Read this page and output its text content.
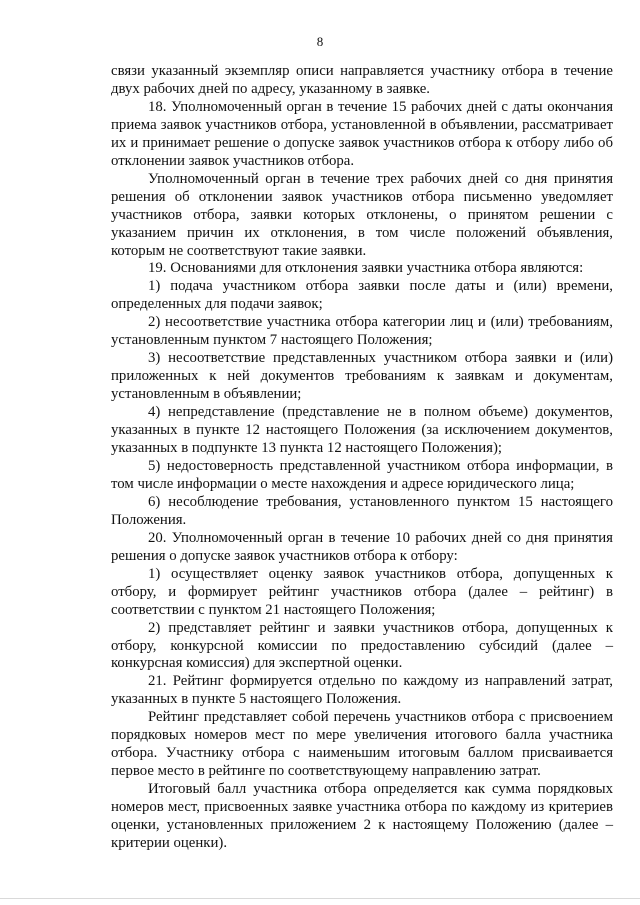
8

связи указанный экземпляр описи направляется участнику отбора в течение двух рабочих дней по адресу, указанному в заявке.

18. Уполномоченный орган в течение 15 рабочих дней с даты окончания приема заявок участников отбора, установленной в объявлении, рассматривает их и принимает решение о допуске заявок участников отбора к отбору либо об отклонении заявок участников отбора.

Уполномоченный орган в течение трех рабочих дней со дня принятия решения об отклонении заявок участников отбора письменно уведомляет участников отбора, заявки которых отклонены, о принятом решении с указанием причин их отклонения, в том числе положений объявления, которым не соответствуют такие заявки.

19. Основаниями для отклонения заявки участника отбора являются:

1) подача участником отбора заявки после даты и (или) времени, определенных для подачи заявок;

2) несоответствие участника отбора категории лиц и (или) требованиям, установленным пунктом 7 настоящего Положения;

3) несоответствие представленных участником отбора заявки и (или) приложенных к ней документов требованиям к заявкам и документам, установленным в объявлении;

4) непредставление (представление не в полном объеме) документов, указанных в пункте 12 настоящего Положения (за исключением документов, указанных в подпункте 13 пункта 12 настоящего Положения);

5) недостоверность представленной участником отбора информации, в том числе информации о месте нахождения и адресе юридического лица;

6) несоблюдение требования, установленного пунктом 15 настоящего Положения.

20. Уполномоченный орган в течение 10 рабочих дней со дня принятия решения о допуске заявок участников отбора к отбору:

1) осуществляет оценку заявок участников отбора, допущенных к отбору, и формирует рейтинг участников отбора (далее – рейтинг) в соответствии с пунктом 21 настоящего Положения;

2) представляет рейтинг и заявки участников отбора, допущенных к отбору, конкурсной комиссии по предоставлению субсидий (далее – конкурсная комиссия) для экспертной оценки.

21. Рейтинг формируется отдельно по каждому из направлений затрат, указанных в пункте 5 настоящего Положения.

Рейтинг представляет собой перечень участников отбора с присвоением порядковых номеров мест по мере увеличения итогового балла участника отбора. Участнику отбора с наименьшим итоговым баллом присваивается первое место в рейтинге по соответствующему направлению затрат.

Итоговый балл участника отбора определяется как сумма порядковых номеров мест, присвоенных заявке участника отбора по каждому из критериев оценки, установленных приложением 2 к настоящему Положению (далее – критерии оценки).
